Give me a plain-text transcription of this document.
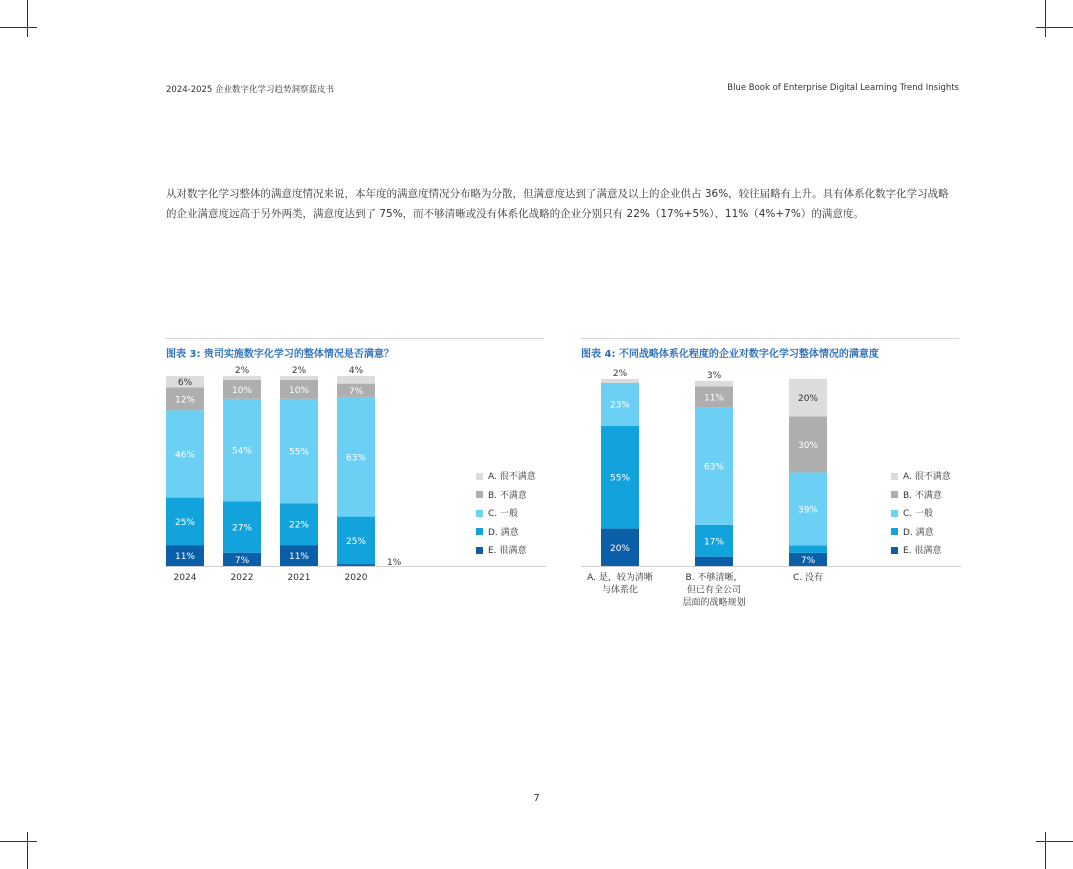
2024-2025 企业数字化学习趋势洞察蓝皮书	Blue Book of Enterprise Digital Learning Trend Insights

从对数字化学习整体的满意度情况来说，本年度的满意度情况分布略为分散，但满意度达到了满意及以上的企业供占 36%，较往届略有上升。具有体系化数字化学习战略

的企业满意度远高于另外两类，满意度达到了 75%，而不够清晰或没有体系化战略的企业分别只有 22%（17%+5%）、11%（4%+7%）的满意度。

图表 3: 贵司实施数字化学习的整体情况是否满意？
11%
25%
46%
12%
6%
2024
7%
27%
54%
10%
2%
2022
11%
22%
55%
10%
2%
2021
1%
25%
63%
7%
4%
2020
A. 很不满意
B. 不满意
C. 一般
D. 满意
E. 很满意
图表 4: 不同战略体系化程度的企业对数字化学习整体情况的满意度
20%
55%
23%
2%
A. 是，较为清晰
与体系化
17%
63%
11%
3%
B. 不够清晰，
但已有全公司
层面的战略规划
7%
39%
30%
20%
C. 没有
A. 很不满意
B. 不满意
C. 一般
D. 满意
E. 很满意
7
